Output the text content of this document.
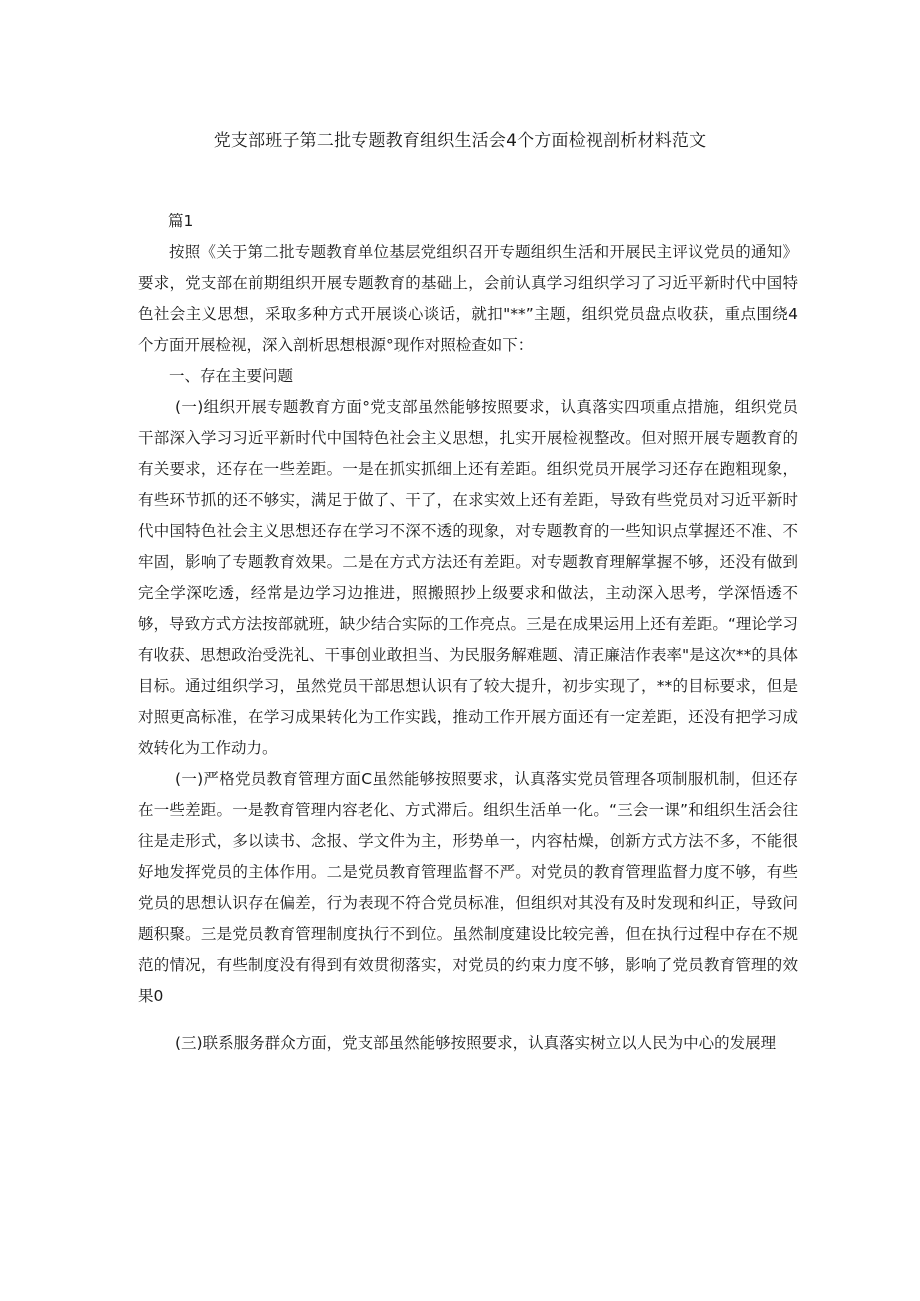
党支部班子第二批专题教育组织生活会4个方面检视剖析材料范文

篇1

按照《关于第二批专题教育单位基层党组织召开专题组织生活和开展民主评议党员的通知》要求，党支部在前期组织开展专题教育的基础上，会前认真学习组织学习了习近平新时代中国特色社会主义思想，采取多种方式开展谈心谈话，就扣"**”主题，组织党员盘点收获，重点围绕4个方面开展检视，深入剖析思想根源°现作对照检查如下：

一、存在主要问题

(一)组织开展专题教育方面°党支部虽然能够按照要求，认真落实四项重点措施，组织党员干部深入学习习近平新时代中国特色社会主义思想，扎实开展检视整改。但对照开展专题教育的有关要求，还存在一些差距。一是在抓实抓细上还有差距。组织党员开展学习还存在跑粗现象，有些环节抓的还不够实，满足于做了、干了，在求实效上还有差距，导致有些党员对习近平新时代中国特色社会主义思想还存在学习不深不透的现象，对专题教育的一些知识点掌握还不准、不牢固，影响了专题教育效果。二是在方式方法还有差距。对专题教育理解掌握不够，还没有做到完全学深吃透，经常是边学习边推进，照搬照抄上级要求和做法，主动深入思考，学深悟透不够，导致方式方法按部就班，缺少结合实际的工作亮点。三是在成果运用上还有差距。“理论学习有收获、思想政治受洗礼、干事创业敢担当、为民服务解难题、清正廉洁作表率"是这次**的具体目标。通过组织学习，虽然党员干部思想认识有了较大提升，初步实现了，**的目标要求，但是对照更高标准，在学习成果转化为工作实践，推动工作开展方面还有一定差距，还没有把学习成效转化为工作动力。

(一)严格党员教育管理方面C虽然能够按照要求，认真落实党员管理各项制服机制，但还存在一些差距。一是教育管理内容老化、方式滞后。组织生活单一化。“三会一课”和组织生活会往往是走形式，多以读书、念报、学文件为主，形势单一，内容枯燥，创新方式方法不多，不能很好地发挥党员的主体作用。二是党员教育管理监督不严。对党员的教育管理监督力度不够，有些党员的思想认识存在偏差，行为表现不符合党员标准，但组织对其没有及时发现和纠正，导致问题积聚。三是党员教育管理制度执行不到位。虽然制度建设比较完善，但在执行过程中存在不规范的情况，有些制度没有得到有效贯彻落实，对党员的约束力度不够，影响了党员教育管理的效果0

(三)联系服务群众方面，党支部虽然能够按照要求，认真落实树立以人民为中心的发展理
